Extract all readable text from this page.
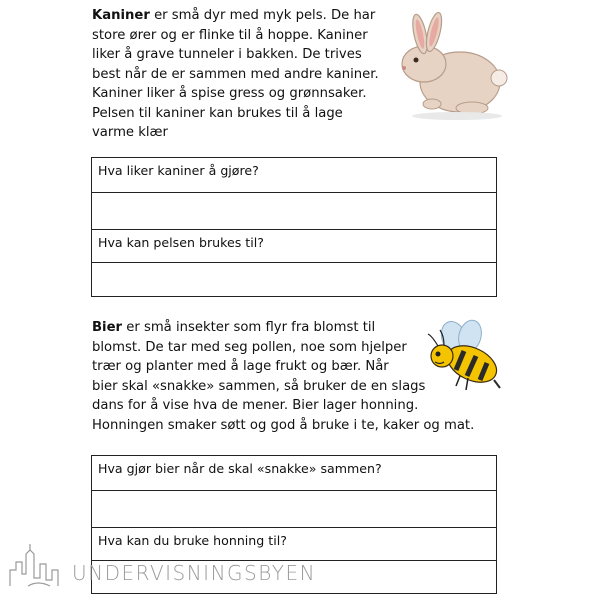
Kaniner er små dyr med myk pels. De har
store ører og er flinke til å hoppe. Kaniner
liker å grave tunneler i bakken. De trives
best når de er sammen med andre kaniner.
Kaniner liker å spise gress og grønnsaker.
Pelsen til kaniner kan brukes til å lage
varme klær

Hva liker kaniner å gjøre?

Hva kan pelsen brukes til?

Bier er små insekter som flyr fra blomst til
blomst. De tar med seg pollen, noe som hjelper
trær og planter med å lage frukt og bær. Når
bier skal «snakke» sammen, så bruker de en slags
dans for å vise hva de mener. Bier lager honning.
Honningen smaker søtt og god å bruke i te, kaker og mat.

Hva gjør bier når de skal «snakke» sammen?

Hva kan du bruke honning til?

UNDERVISNINGSBYEN
